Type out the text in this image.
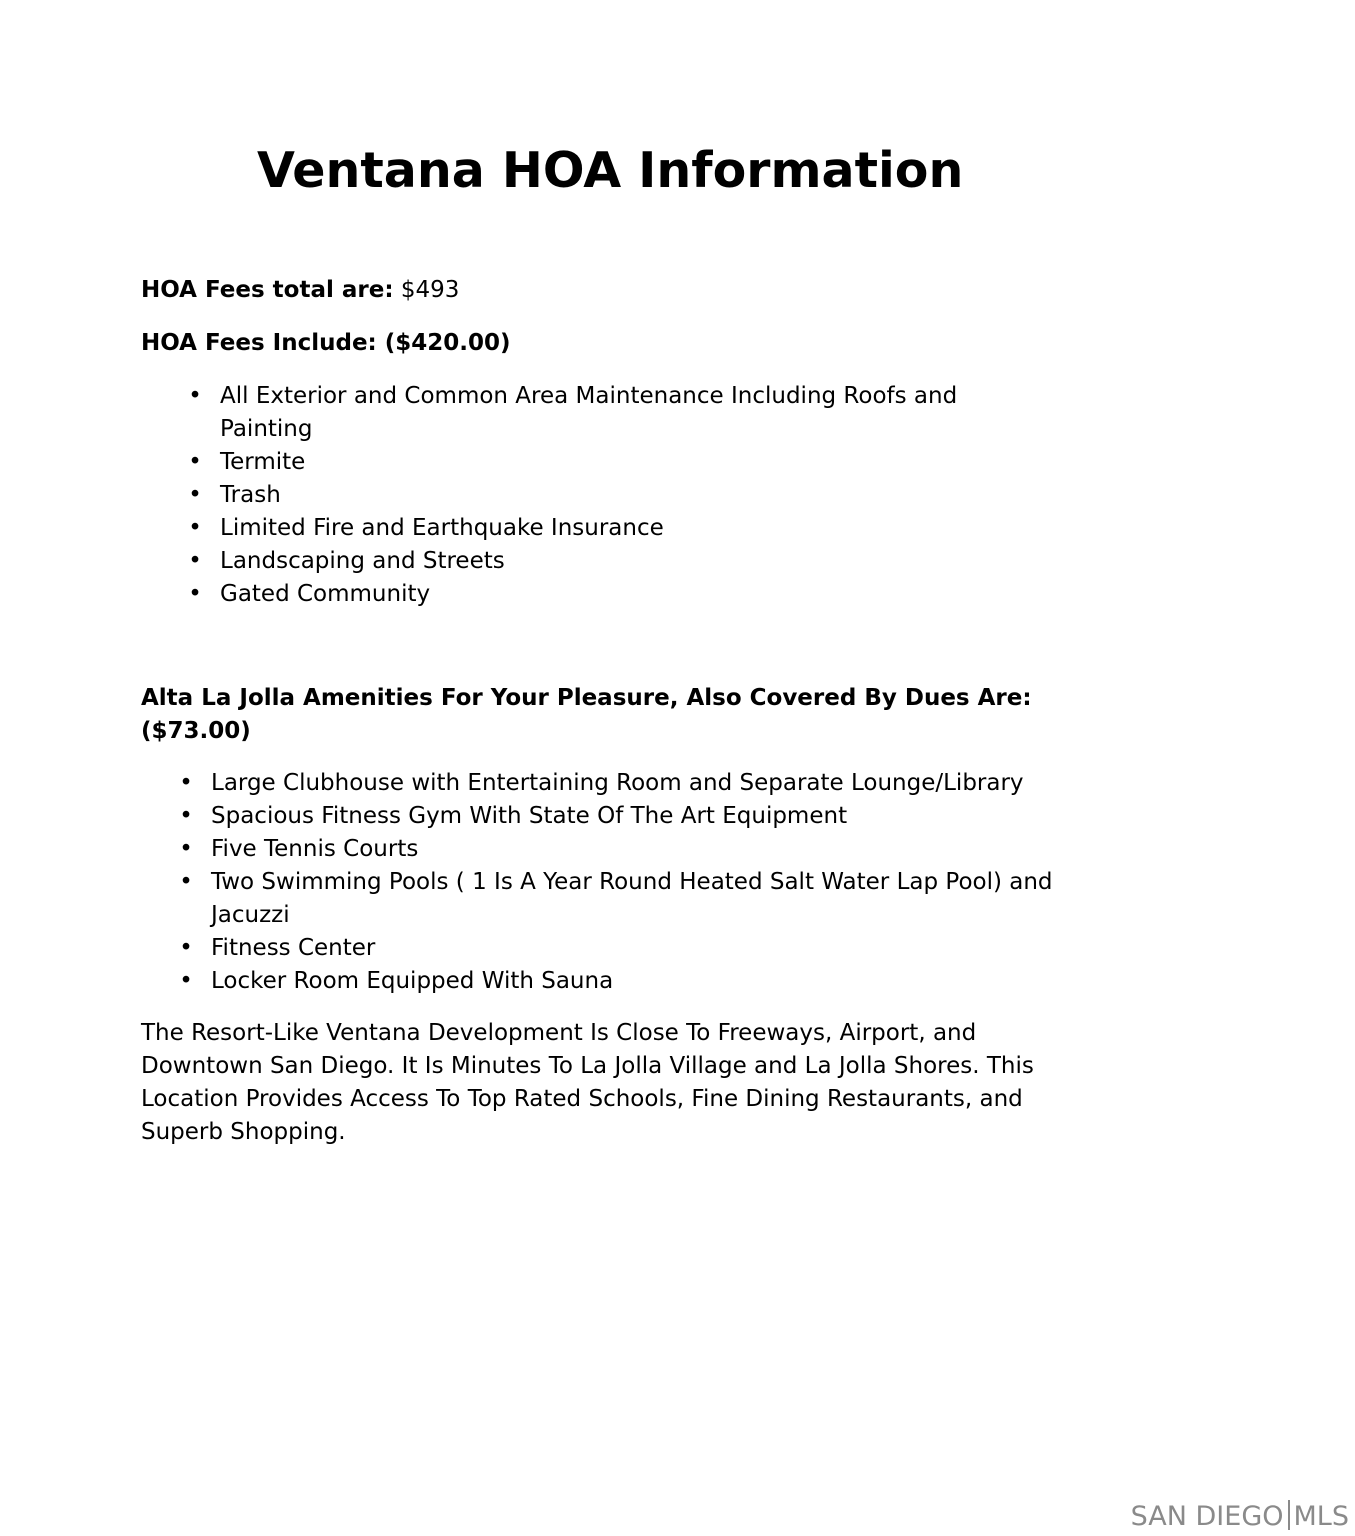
Ventana HOA Information

HOA Fees total are: $493

HOA Fees Include: ($420.00)

• All Exterior and Common Area Maintenance Including Roofs and Painting
• Termite
• Trash
• Limited Fire and Earthquake Insurance
• Landscaping and Streets
• Gated Community

Alta La Jolla Amenities For Your Pleasure, Also Covered By Dues Are: ($73.00)

• Large Clubhouse with Entertaining Room and Separate Lounge/Library
• Spacious Fitness Gym With State Of The Art Equipment
• Five Tennis Courts
• Two Swimming Pools ( 1 Is A Year Round Heated Salt Water Lap Pool) and Jacuzzi
• Fitness Center
• Locker Room Equipped With Sauna

The Resort-Like Ventana Development Is Close To Freeways, Airport, and Downtown San Diego. It Is Minutes To La Jolla Village and La Jolla Shores. This Location Provides Access To Top Rated Schools, Fine Dining Restaurants, and Superb Shopping.

SAN DIEGO MLS
